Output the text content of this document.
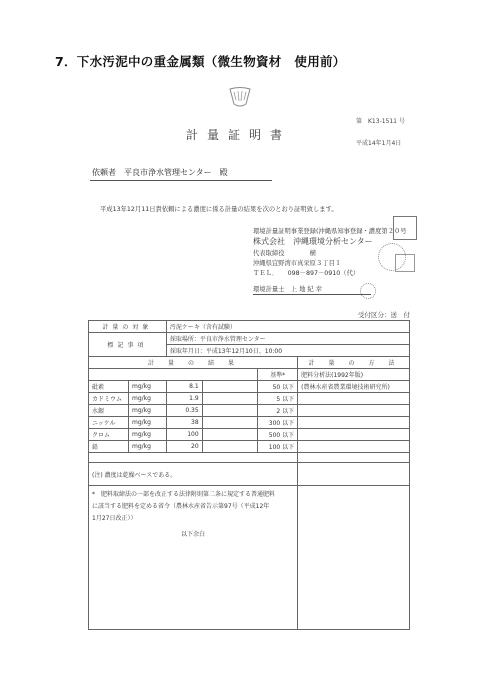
7．下水汚泥中の重金属類（微生物資材　使用前）
第　K13-1511 号
計量証明書
平成14年1月4日
依頼者　 平良市浄水管理センター　殿
平成13年12月11日貴依頼による濃度に係る計量の結果を次のとおり証明致します。
環境計量証明事業登録(沖縄県知事登録・濃度第２０号
株式会社　沖縄環境分析センター
代表取締役　　　　横
沖縄県宜野湾市真栄原３丁目１
ＴＥＬ．　　098－897－0910（代）
環境計量士　上 地 紀 幸
受付区分：送　付
計量の対象		汚泥ケーキ（含有試験）			
標記事項		採取場所：平良市浄水管理センター			
		採取年月日：平成13年12月10日、10:00			
計　量　の　結　果					計　量　の　方　法
				基準*	肥料分析法(1992年版)
砒素	mg/kg	8.1		50 以下	(農林水産省農業環境技術研究所)
カドミウム	mg/kg	1.9		5 以下	
水銀	mg/kg	0.35		2 以下	
ニッケル	mg/kg	38		300 以下	
クロム	mg/kg	100		500 以下	
鉛	mg/kg	20		100 以下	

(注) 濃度は乾燥ベースである。					

*　肥料取締法の一部を改正する法律附則第二条に規定する普通肥料
に該当する肥料を定める省令（農林水産省告示第97号（平成12年
1月27日改正））
以下余白					
